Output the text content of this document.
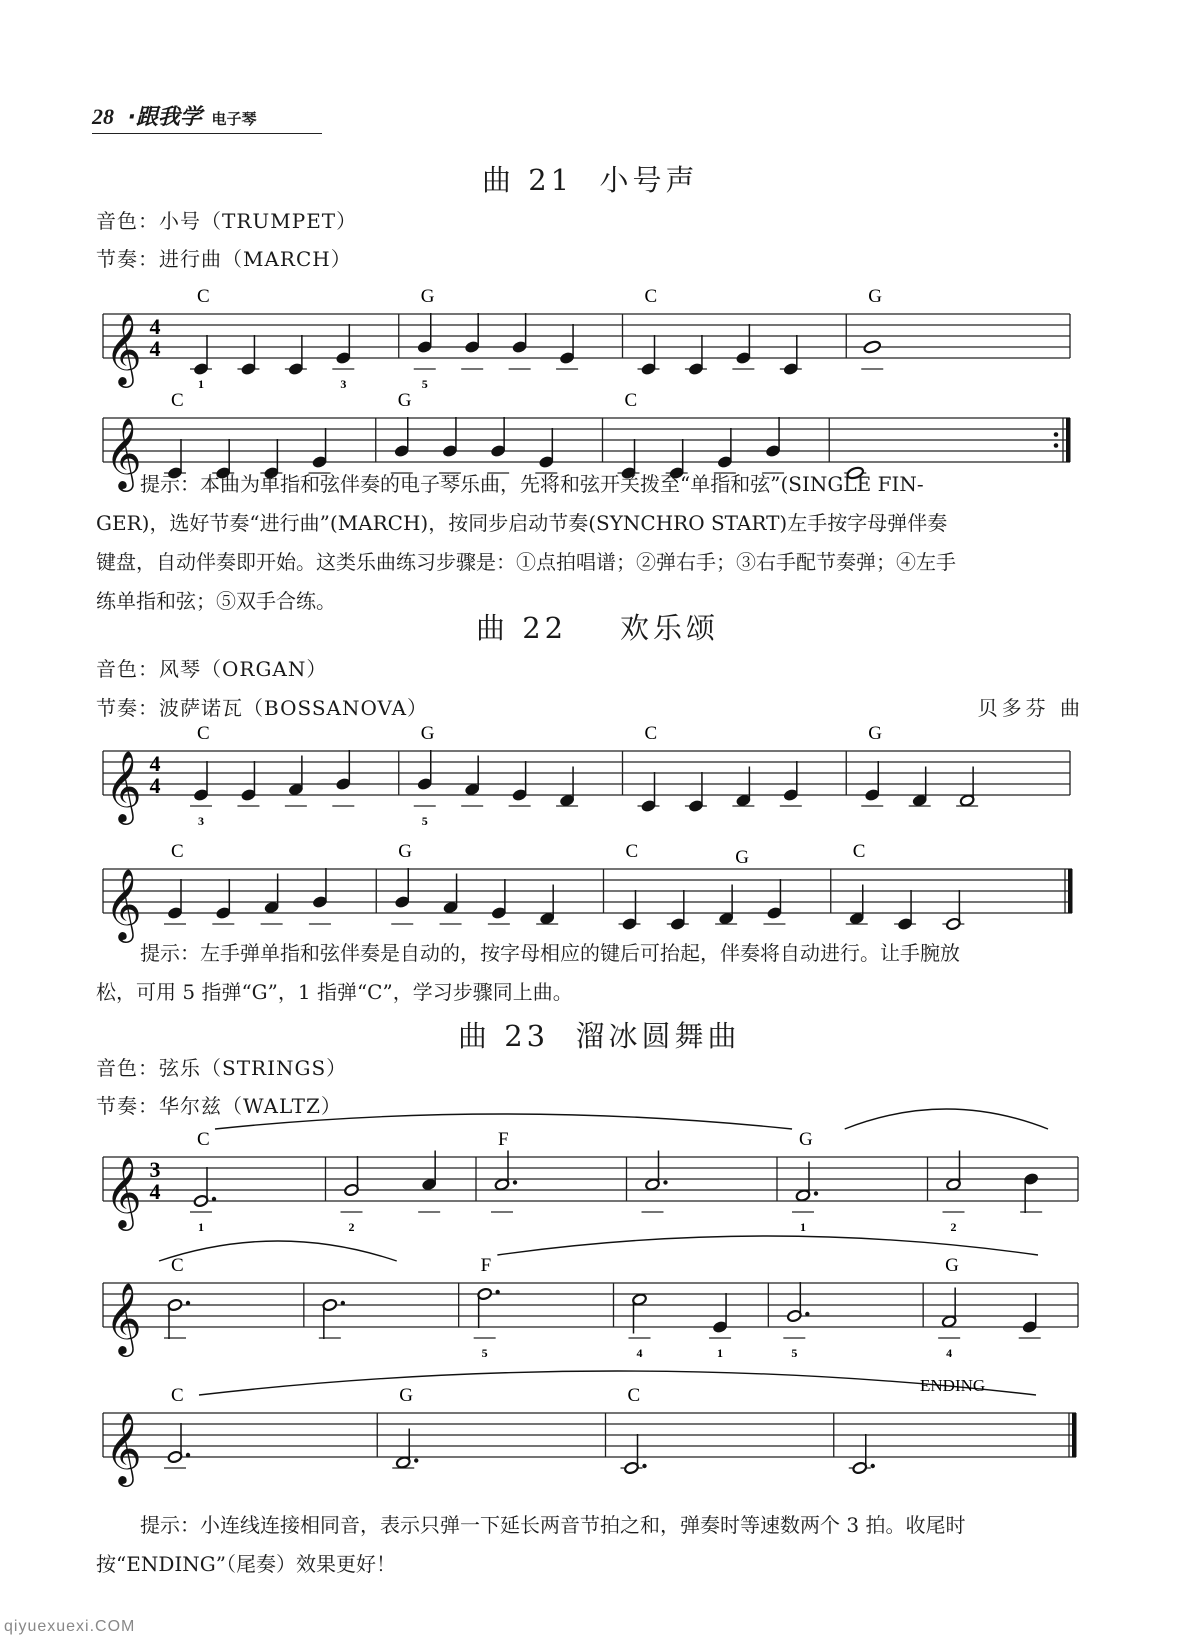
28 ·跟我学 电子琴
曲 21  小号声
音色：小号（TRUMPET）
节奏：进行曲（MARCH）
𝄞 4
4
C
1	3
G
5
C	G
𝄞
C	G	C
提示：本曲为单指和弦伴奏的电子琴乐曲，先将和弦开关拨至“单指和弦”(SINGLE FIN-
GER)，选好节奏“进行曲”(MARCH)，按同步启动节奏(SYNCHRO START)左手按字母弹伴奏
键盘，自动伴奏即开始。这类乐曲练习步骤是：①点拍唱谱；②弹右手；③右手配节奏弹；④左手
练单指和弦；⑤双手合练。
曲 22    欢乐颂
音色：风琴（ORGAN）
节奏：波萨诺瓦（BOSSANOVA）	贝多芬 曲
𝄞 4
4
C
3
G
5
C	G
𝄞
C	G	C	G	C
提示：左手弹单指和弦伴奏是自动的，按字母相应的键后可抬起，伴奏将自动进行。让手腕放
松，可用 5 指弹“G”，1 指弹“C”，学习步骤同上曲。
曲 23  溜冰圆舞曲
音色：弦乐（STRINGS）
节奏：华尔兹（WALTZ）
𝄞 3
4
C
1	2
F	G
1	2
𝄞
C	F
5	4	1	5
G
4
𝄞
C	G	C	ENDING
提示：小连线连接相同音，表示只弹一下延长两音节拍之和，弹奏时等速数两个 3 拍。收尾时
按“ENDING”（尾奏）效果更好！
qiyuexuexi.COM
